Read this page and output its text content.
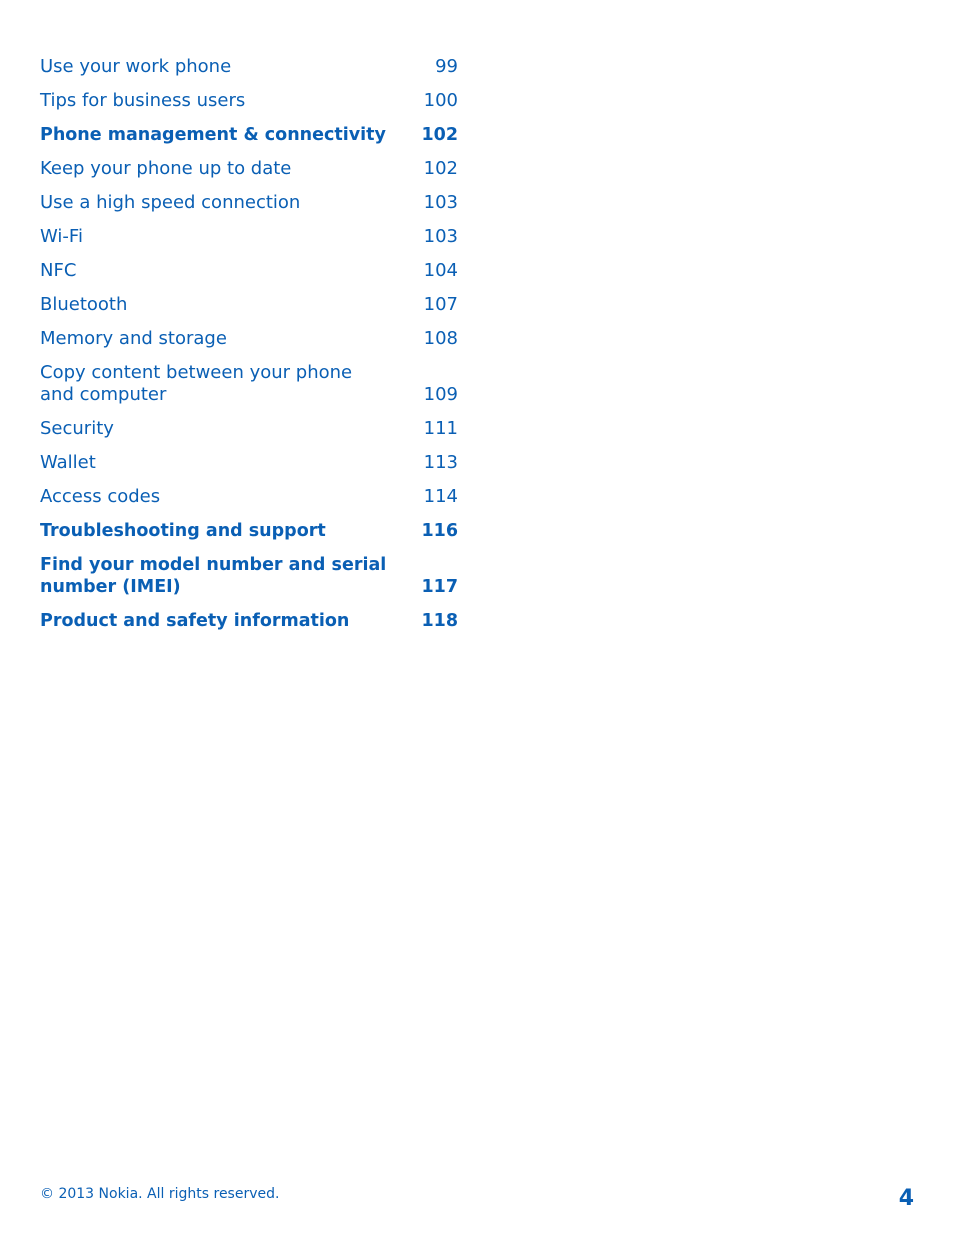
Use your work phone	99
Tips for business users	100
Phone management & connectivity 102
Keep your phone up to date	102
Use a high speed connection	103
Wi-Fi	103
NFC	104
Bluetooth	107
Memory and storage	108
Copy content between your phone and computer	109
Security	111
Wallet	113
Access codes	114
Troubleshooting and support	116
Find your model number and serial number (IMEI)	117
Product and safety information	118
© 2013 Nokia. All rights reserved.	4
